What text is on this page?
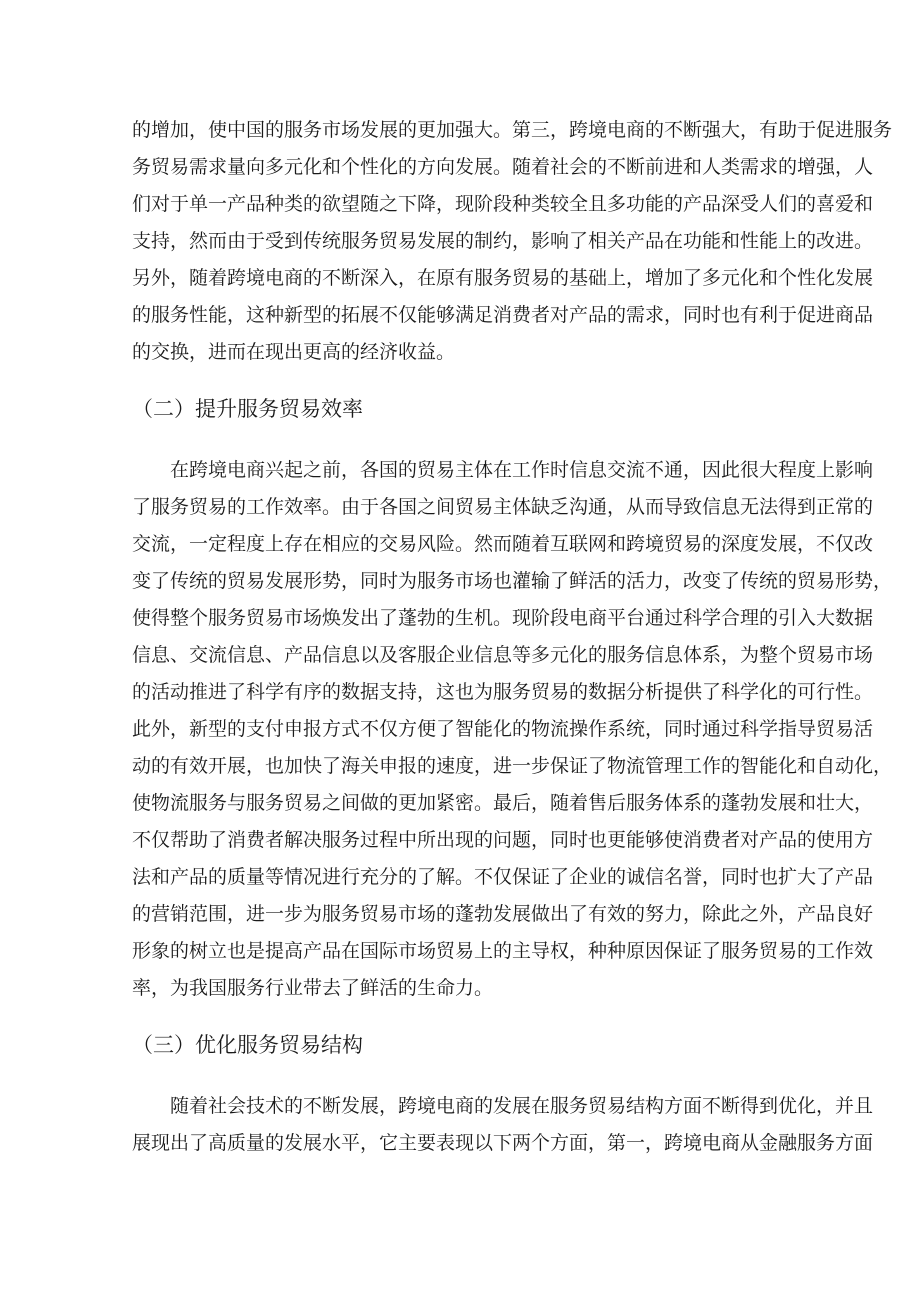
的增加，使中国的服务市场发展的更加强大。第三，跨境电商的不断强大，有助于促进服务
务贸易需求量向多元化和个性化的方向发展。随着社会的不断前进和人类需求的增强，人
们对于单一产品种类的欲望随之下降，现阶段种类较全且多功能的产品深受人们的喜爱和
支持，然而由于受到传统服务贸易发展的制约，影响了相关产品在功能和性能上的改进。
另外，随着跨境电商的不断深入，在原有服务贸易的基础上，增加了多元化和个性化发展
的服务性能，这种新型的拓展不仅能够满足消费者对产品的需求，同时也有利于促进商品
的交换，进而在现出更高的经济收益。
（二）提升服务贸易效率
　　在跨境电商兴起之前，各国的贸易主体在工作时信息交流不通，因此很大程度上影响
了服务贸易的工作效率。由于各国之间贸易主体缺乏沟通，从而导致信息无法得到正常的
交流，一定程度上存在相应的交易风险。然而随着互联网和跨境贸易的深度发展，不仅改
变了传统的贸易发展形势，同时为服务市场也灌输了鲜活的活力，改变了传统的贸易形势，
使得整个服务贸易市场焕发出了蓬勃的生机。现阶段电商平台通过科学合理的引入大数据
信息、交流信息、产品信息以及客服企业信息等多元化的服务信息体系，为整个贸易市场
的活动推进了科学有序的数据支持，这也为服务贸易的数据分析提供了科学化的可行性。
此外，新型的支付申报方式不仅方便了智能化的物流操作系统，同时通过科学指导贸易活
动的有效开展，也加快了海关申报的速度，进一步保证了物流管理工作的智能化和自动化，
使物流服务与服务贸易之间做的更加紧密。最后，随着售后服务体系的蓬勃发展和壮大，
不仅帮助了消费者解决服务过程中所出现的问题，同时也更能够使消费者对产品的使用方
法和产品的质量等情况进行充分的了解。不仅保证了企业的诚信名誉，同时也扩大了产品
的营销范围，进一步为服务贸易市场的蓬勃发展做出了有效的努力，除此之外，产品良好
形象的树立也是提高产品在国际市场贸易上的主导权，种种原因保证了服务贸易的工作效
率，为我国服务行业带去了鲜活的生命力。
（三）优化服务贸易结构
　　随着社会技术的不断发展，跨境电商的发展在服务贸易结构方面不断得到优化，并且
展现出了高质量的发展水平，它主要表现以下两个方面，第一，跨境电商从金融服务方面
